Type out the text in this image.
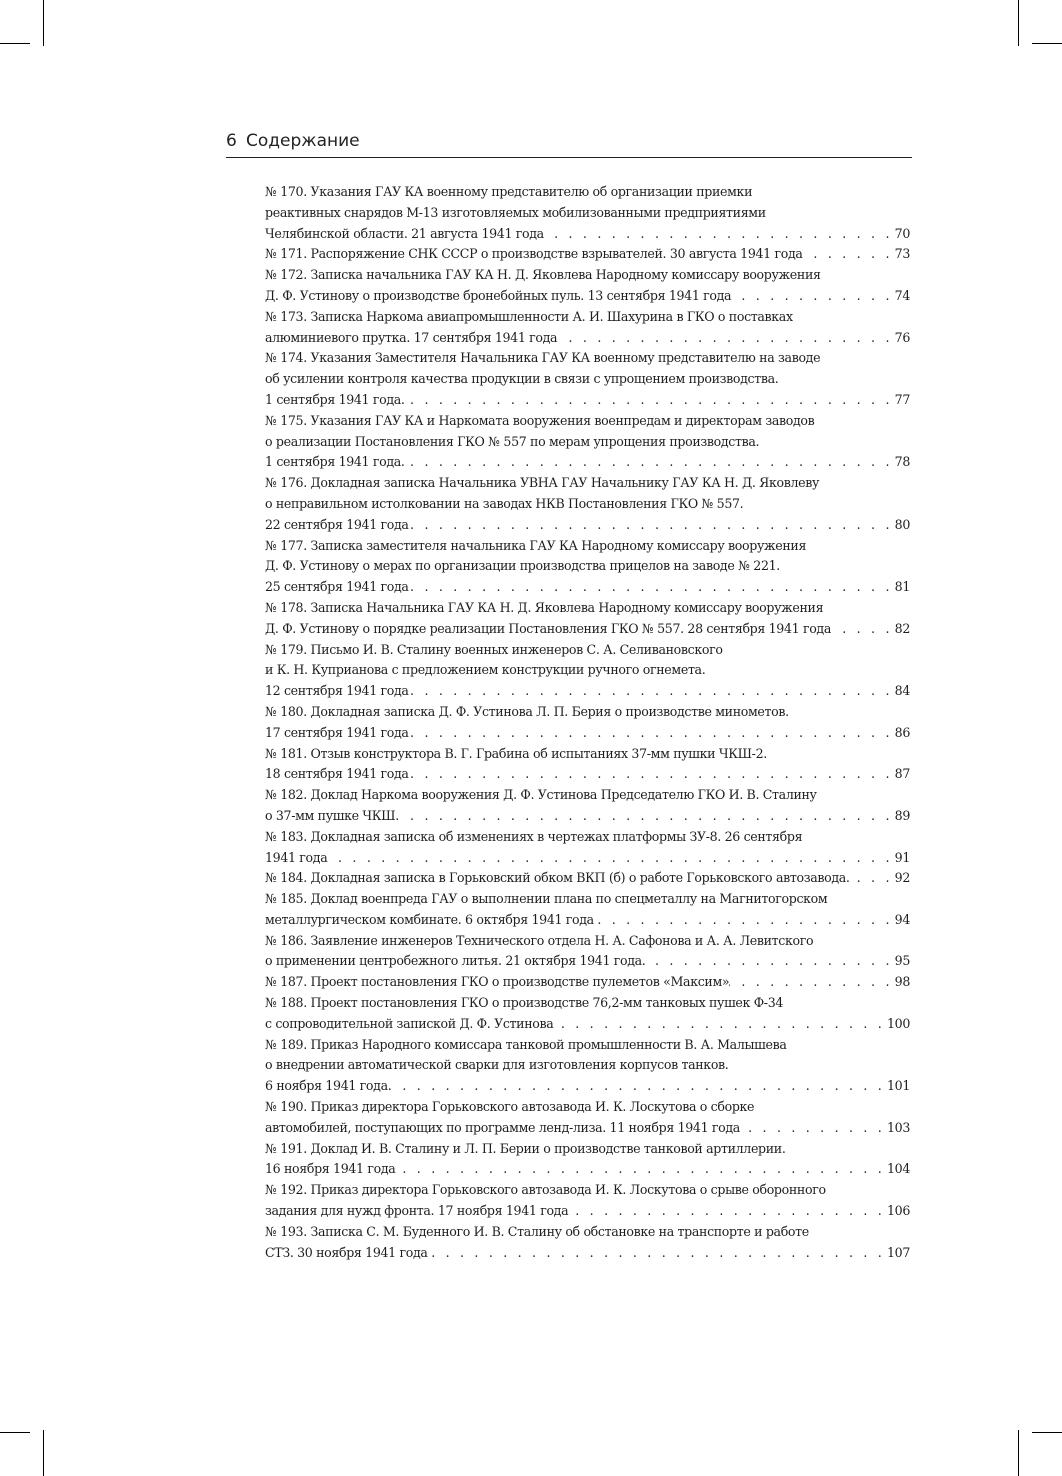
6 Содержание
№ 170. Указания ГАУ КА военному представителю об организации приемки
реактивных снарядов М-13 изготовляемых мобилизованными предприятиями
Челябинской области. 21 августа 1941 года . . .	70
№ 171. Распоряжение СНК СССР о производстве взрывателей. 30 августа 1941 года . . .	73
№ 172. Записка начальника ГАУ КА Н. Д. Яковлева Народному комиссару вооружения
Д. Ф. Устинову о производстве бронебойных пуль. 13 сентября 1941 года . . .	74
№ 173. Записка Наркома авиапромышленности А. И. Шахурина в ГКО о поставках
алюминиевого прутка. 17 сентября 1941 года . . .	76
№ 174. Указания Заместителя Начальника ГАУ КА военному представителю на заводе
об усилении контроля качества продукции в связи с упрощением производства.
1 сентября 1941 года. . . .	77
№ 175. Указания ГАУ КА и Наркомата вооружения военпредам и директорам заводов
о реализации Постановления ГКО № 557 по мерам упрощения производства.
1 сентября 1941 года. . . .	78
№ 176. Докладная записка Начальника УВНА ГАУ Начальнику ГАУ КА Н. Д. Яковлеву
о неправильном истолковании на заводах НКВ Постановления ГКО № 557.
22 сентября 1941 года . . .	80
№ 177. Записка заместителя начальника ГАУ КА Народному комиссару вооружения
Д. Ф. Устинову о мерах по организации производства прицелов на заводе № 221.
25 сентября 1941 года . . .	81
№ 178. Записка Начальника ГАУ КА Н. Д. Яковлева Народному комиссару вооружения
Д. Ф. Устинову о порядке реализации Постановления ГКО № 557. 28 сентября 1941 года . . .	82
№ 179. Письмо И. В. Сталину военных инженеров С. А. Селивановского
и К. Н. Куприанова с предложением конструкции ручного огнемета.
12 сентября 1941 года . . .	84
№ 180. Докладная записка Д. Ф. Устинова Л. П. Берия о производстве минометов.
17 сентября 1941 года . . .	86
№ 181. Отзыв конструктора В. Г. Грабина об испытаниях 37-мм пушки ЧКШ-2.
18 сентября 1941 года . . .	87
№ 182. Доклад Наркома вооружения Д. Ф. Устинова Председателю ГКО И. В. Сталину
о 37-мм пушке ЧКШ. . . .	89
№ 183. Докладная записка об изменениях в чертежах платформы ЗУ-8. 26 сентября
1941 года . . .	91
№ 184. Докладная записка в Горьковский обком ВКП (б) о работе Горьковского автозавода. . . .	92
№ 185. Доклад военпреда ГАУ о выполнении плана по спецметаллу на Магнитогорском
металлургическом комбинате. 6 октября 1941 года . . .	94
№ 186. Заявление инженеров Технического отдела Н. А. Сафонова и А. А. Левитского
о применении центробежного литья. 21 октября 1941 года. . . .	95
№ 187. Проект постановления ГКО о производстве пулеметов «Максим» . . .	98
№ 188. Проект постановления ГКО о производстве 76,2-мм танковых пушек Ф-34
с сопроводительной запиской Д. Ф. Устинова . . .	100
№ 189. Приказ Народного комиссара танковой промышленности В. А. Малышева
о внедрении автоматической сварки для изготовления корпусов танков.
6 ноября 1941 года. . . .	101
№ 190. Приказ директора Горьковского автозавода И. К. Лоскутова о сборке
автомобилей, поступающих по программе ленд-лиза. 11 ноября 1941 года . . .	103
№ 191. Доклад И. В. Сталину и Л. П. Берии о производстве танковой артиллерии.
16 ноября 1941 года . . .	104
№ 192. Приказ директора Горьковского автозавода И. К. Лоскутова о срыве оборонного
задания для нужд фронта. 17 ноября 1941 года . . .	106
№ 193. Записка С. М. Буденного И. В. Сталину об обстановке на транспорте и работе
СТЗ. 30 ноября 1941 года . . .	107
